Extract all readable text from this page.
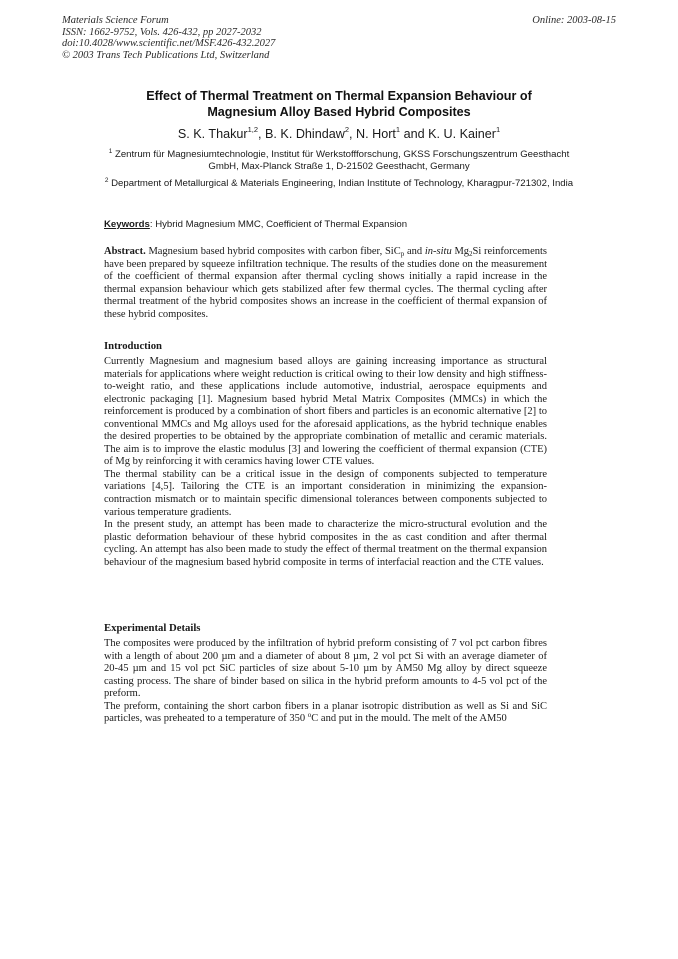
Materials Science Forum
ISSN: 1662-9752, Vols. 426-432, pp 2027-2032
doi:10.4028/www.scientific.net/MSF.426-432.2027
© 2003 Trans Tech Publications Ltd, Switzerland
Online: 2003-08-15
Effect of Thermal Treatment on Thermal Expansion Behaviour of
Magnesium Alloy Based Hybrid Composites
S. K. Thakur$^{1,2}$, B. K. Dhindaw$^2$, N. Hort$^1$ and K. U. Kainer$^1$
$^1$ Zentrum für Magnesiumtechnologie, Institut für Werkstoffforschung, GKSS Forschungszentrum Geesthacht GmbH, Max-Planck Straße 1, D-21502 Geesthacht, Germany
$^2$ Department of Metallurgical & Materials Engineering, Indian Institute of Technology, Kharagpur-721302, India
Keywords: Hybrid Magnesium MMC, Coefficient of Thermal Expansion

Abstract. Magnesium based hybrid composites with carbon fiber, SiC$_p$ and in-situ $Mg_2Si$ reinforcements have been prepared by squeeze infiltration technique. The results of the studies done on the measurement of the coefficient of thermal expansion after thermal cycling shows initially a rapid increase in the thermal expansion behaviour which gets stabilized after few thermal cycles. The thermal cycling after thermal treatment of the hybrid composites shows an increase in the coefficient of thermal expansion of these hybrid composites.

Introduction

Currently Magnesium and magnesium based alloys are gaining increasing importance as structural materials for applications where weight reduction is critical owing to their low density and high stiffness-to-weight ratio, and these applications include automotive, industrial, aerospace equipments and electronic packaging [1]. Magnesium based hybrid Metal Matrix Composites (MMCs) in which the reinforcement is produced by a combination of short fibers and particles is an economic alternative [2] to conventional MMCs and Mg alloys used for the aforesaid applications, as the hybrid technique enables the desired properties to be obtained by the appropriate combination of metallic and ceramic materials. The aim is to improve the elastic modulus [3] and lowering the coefficient of thermal expansion (CTE) of Mg by reinforcing it with ceramics having lower CTE values.

The thermal stability can be a critical issue in the design of components subjected to temperature variations [4,5]. Tailoring the CTE is an important consideration in minimizing the expansion-contraction mismatch or to maintain specific dimensional tolerances between components subjected to various temperature gradients.

In the present study, an attempt has been made to characterize the micro-structural evolution and the plastic deformation behaviour of these hybrid composites in the as cast condition and after thermal cycling. An attempt has also been made to study the effect of thermal treatment on the thermal expansion behaviour of the magnesium based hybrid composite in terms of interfacial reaction and the CTE values.

Experimental Details

The composites were produced by the infiltration of hybrid preform consisting of 7 vol pct carbon fibres with a length of about 200 µm and a diameter of about 8 µm, 2 vol pct Si with an average diameter of 20-45 µm and 15 vol pct SiC particles of size about 5-10 µm by AM50 Mg alloy by direct squeeze casting process. The share of binder based on silica in the hybrid preform amounts to 4-5 vol pct of the preform.

The preform, containing the short carbon fibers in a planar isotropic distribution as well as Si and SiC particles, was preheated to a temperature of 350 $^o$C and put in the mould. The melt of the AM50
